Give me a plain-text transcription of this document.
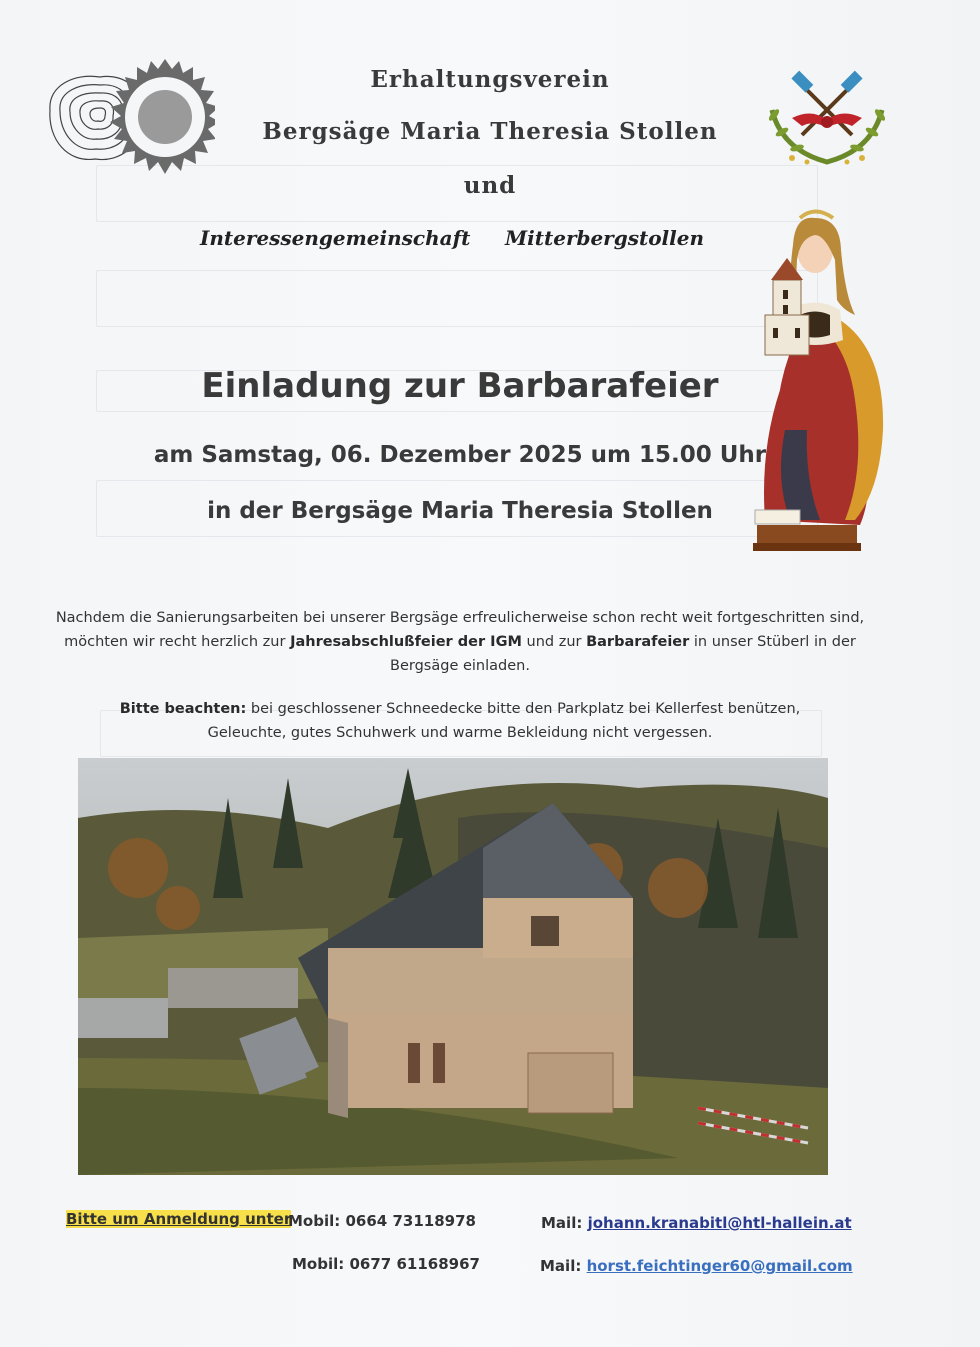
Erhaltungsverein
Bergsäge Maria Theresia Stollen
und
Interessengemeinschaft Mitterbergstollen
Einladung zur Barbarafeier
am Samstag, 06. Dezember 2025 um 15.00 Uhr
in der Bergsäge Maria Theresia Stollen
Nachdem die Sanierungsarbeiten bei unserer Bergsäge erfreulicherweise schon recht weit fortgeschritten sind,
möchten wir recht herzlich zur Jahresabschlußfeier der IGM und zur Barbarafeier in unser Stüberl in der
Bergsäge einladen.
Bitte beachten: bei geschlossener Schneedecke bitte den Parkplatz bei Kellerfest benützen,
Geleuchte, gutes Schuhwerk und warme Bekleidung nicht vergessen.
Bitte um Anmeldung unter
Mobil: 0664 73118978
Mobil: 0677 61168967
Mail: johann.kranabitl@htl-hallein.at
Mail: horst.feichtinger60@gmail.com
